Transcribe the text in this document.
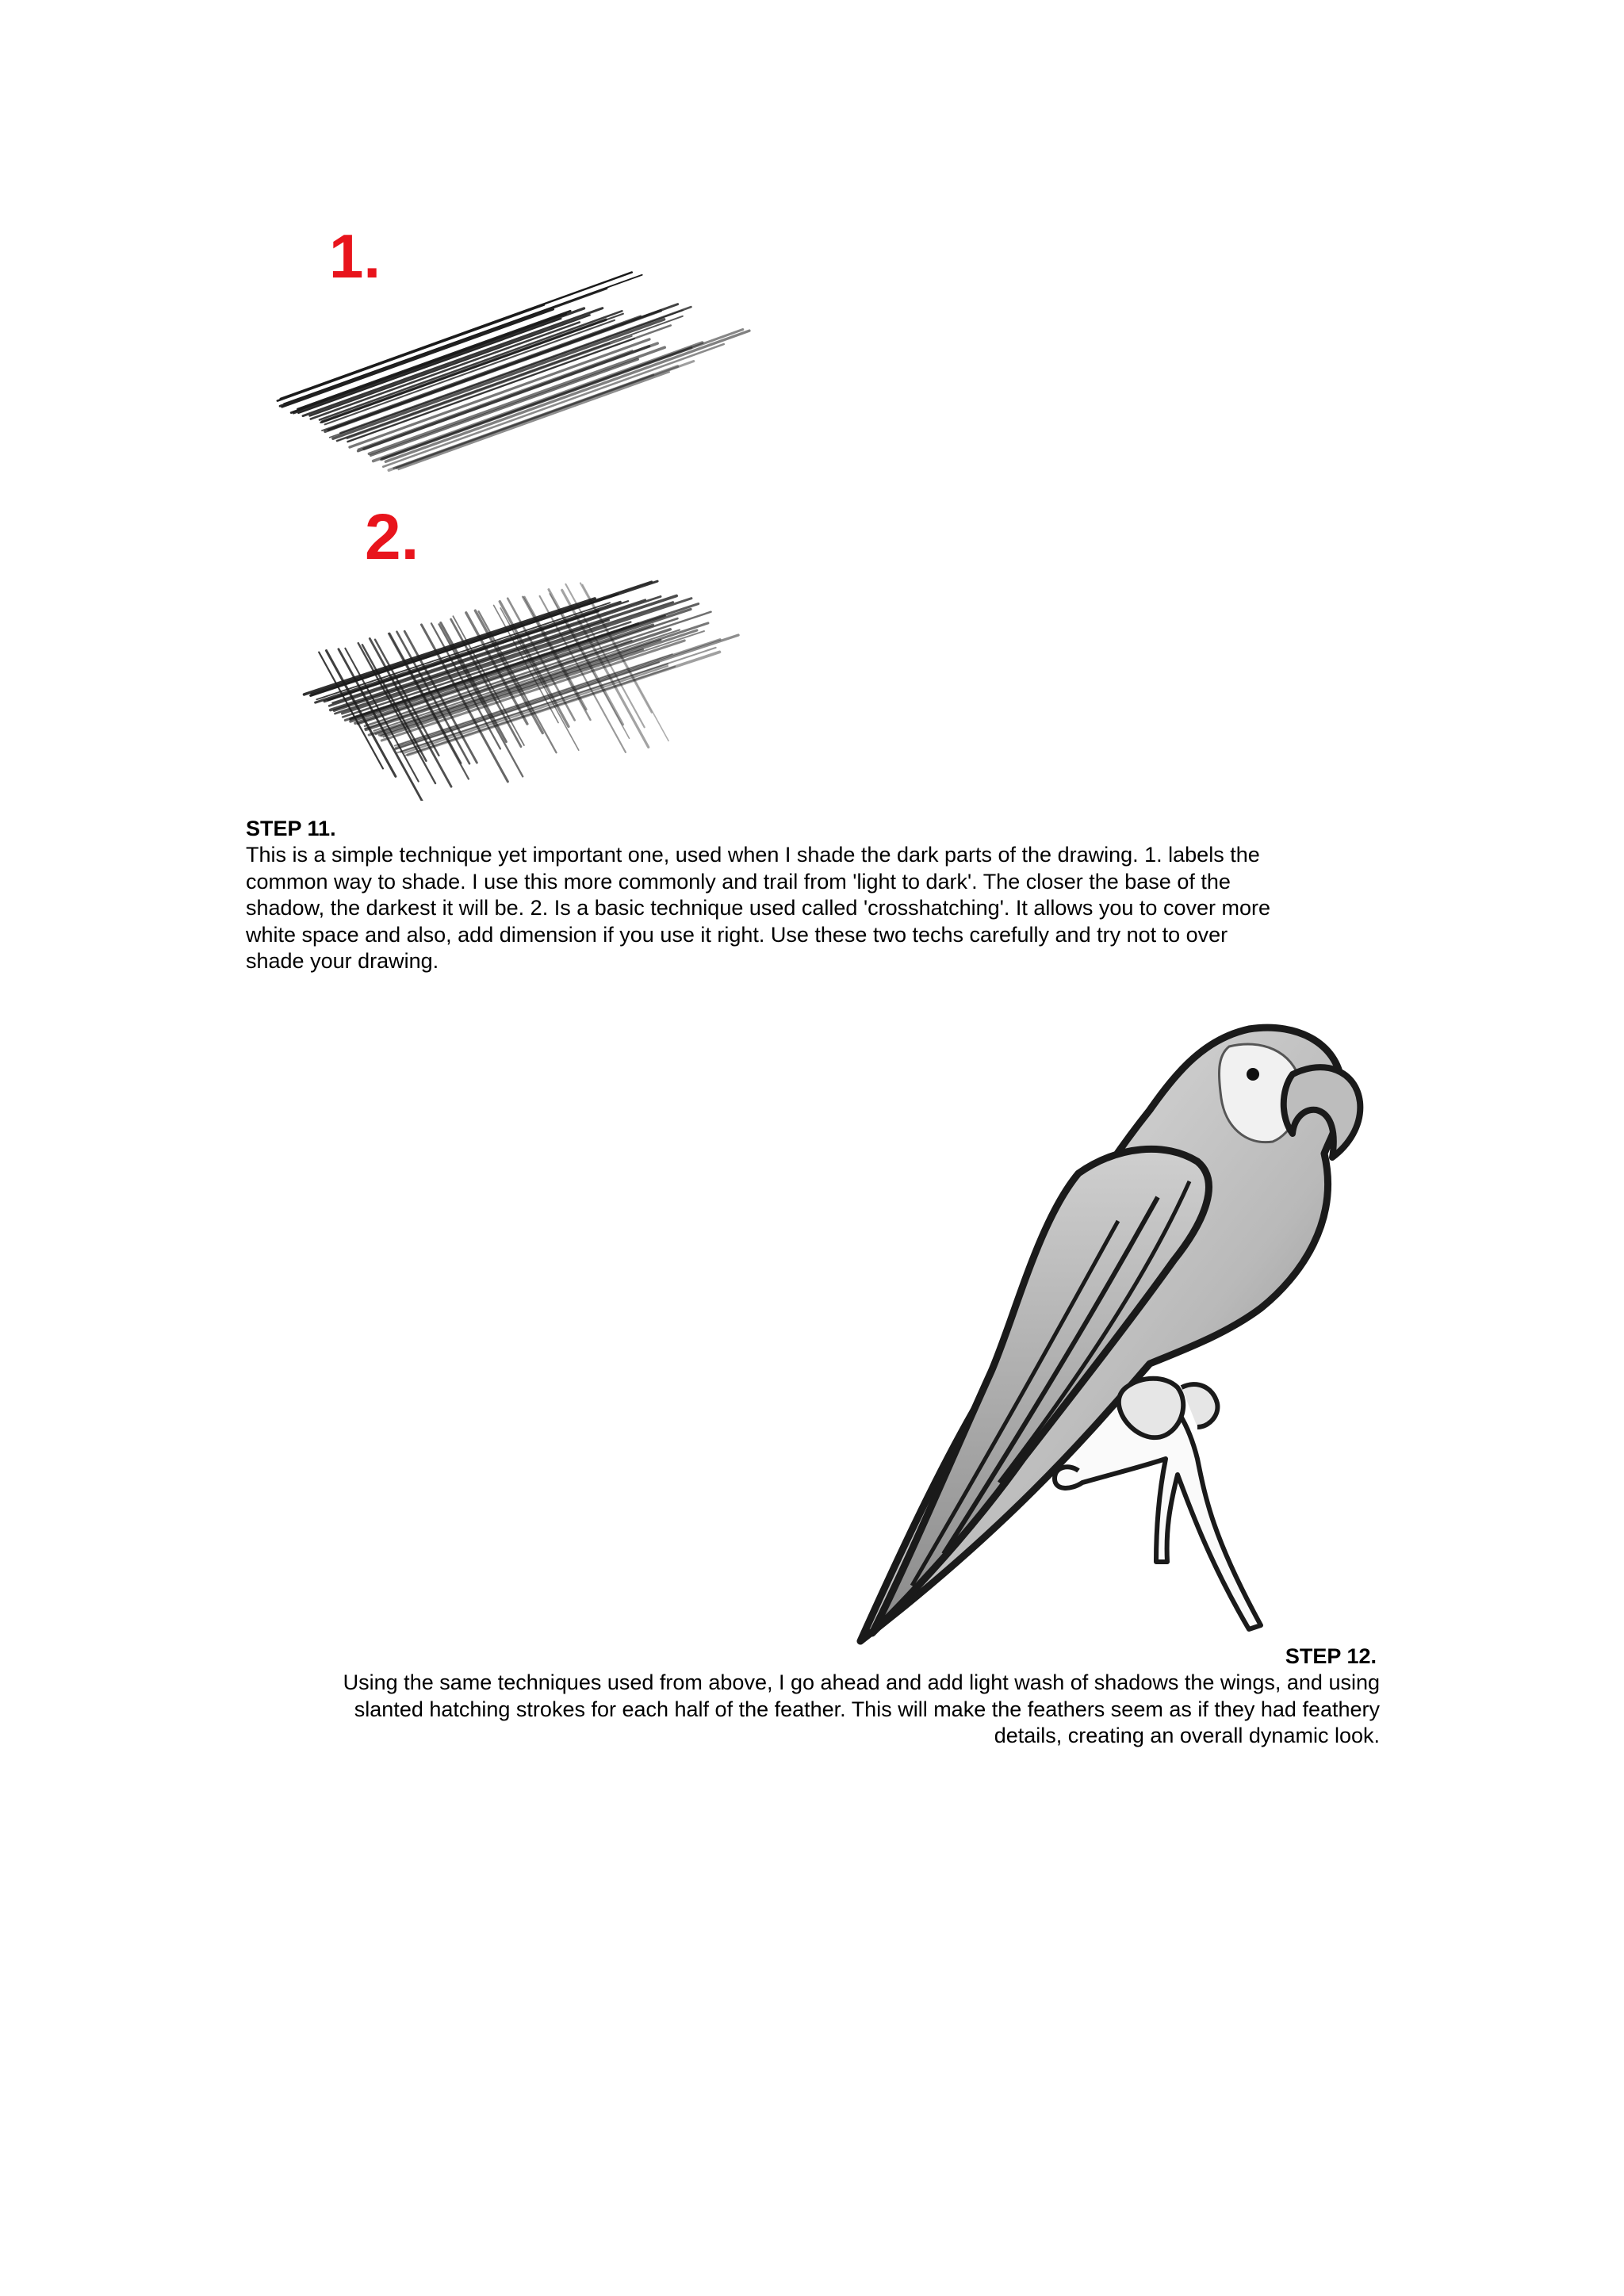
1.
2.
STEP 11.
This is a simple technique yet important one, used when I shade the dark parts of the drawing. 1. labels the
common way to shade. I use this more commonly and trail from 'light to dark'. The closer the base of the
shadow, the darkest it will be. 2. Is a basic technique used called 'crosshatching'. It allows you to cover more
white space and also, add dimension if you use it right. Use these two techs carefully and try not to over
shade your drawing.
STEP 12.
Using the same techniques used from above, I go ahead and add light wash of shadows the wings, and using
slanted hatching strokes for each half of the feather. This will make the feathers seem as if they had feathery
details, creating an overall dynamic look.
